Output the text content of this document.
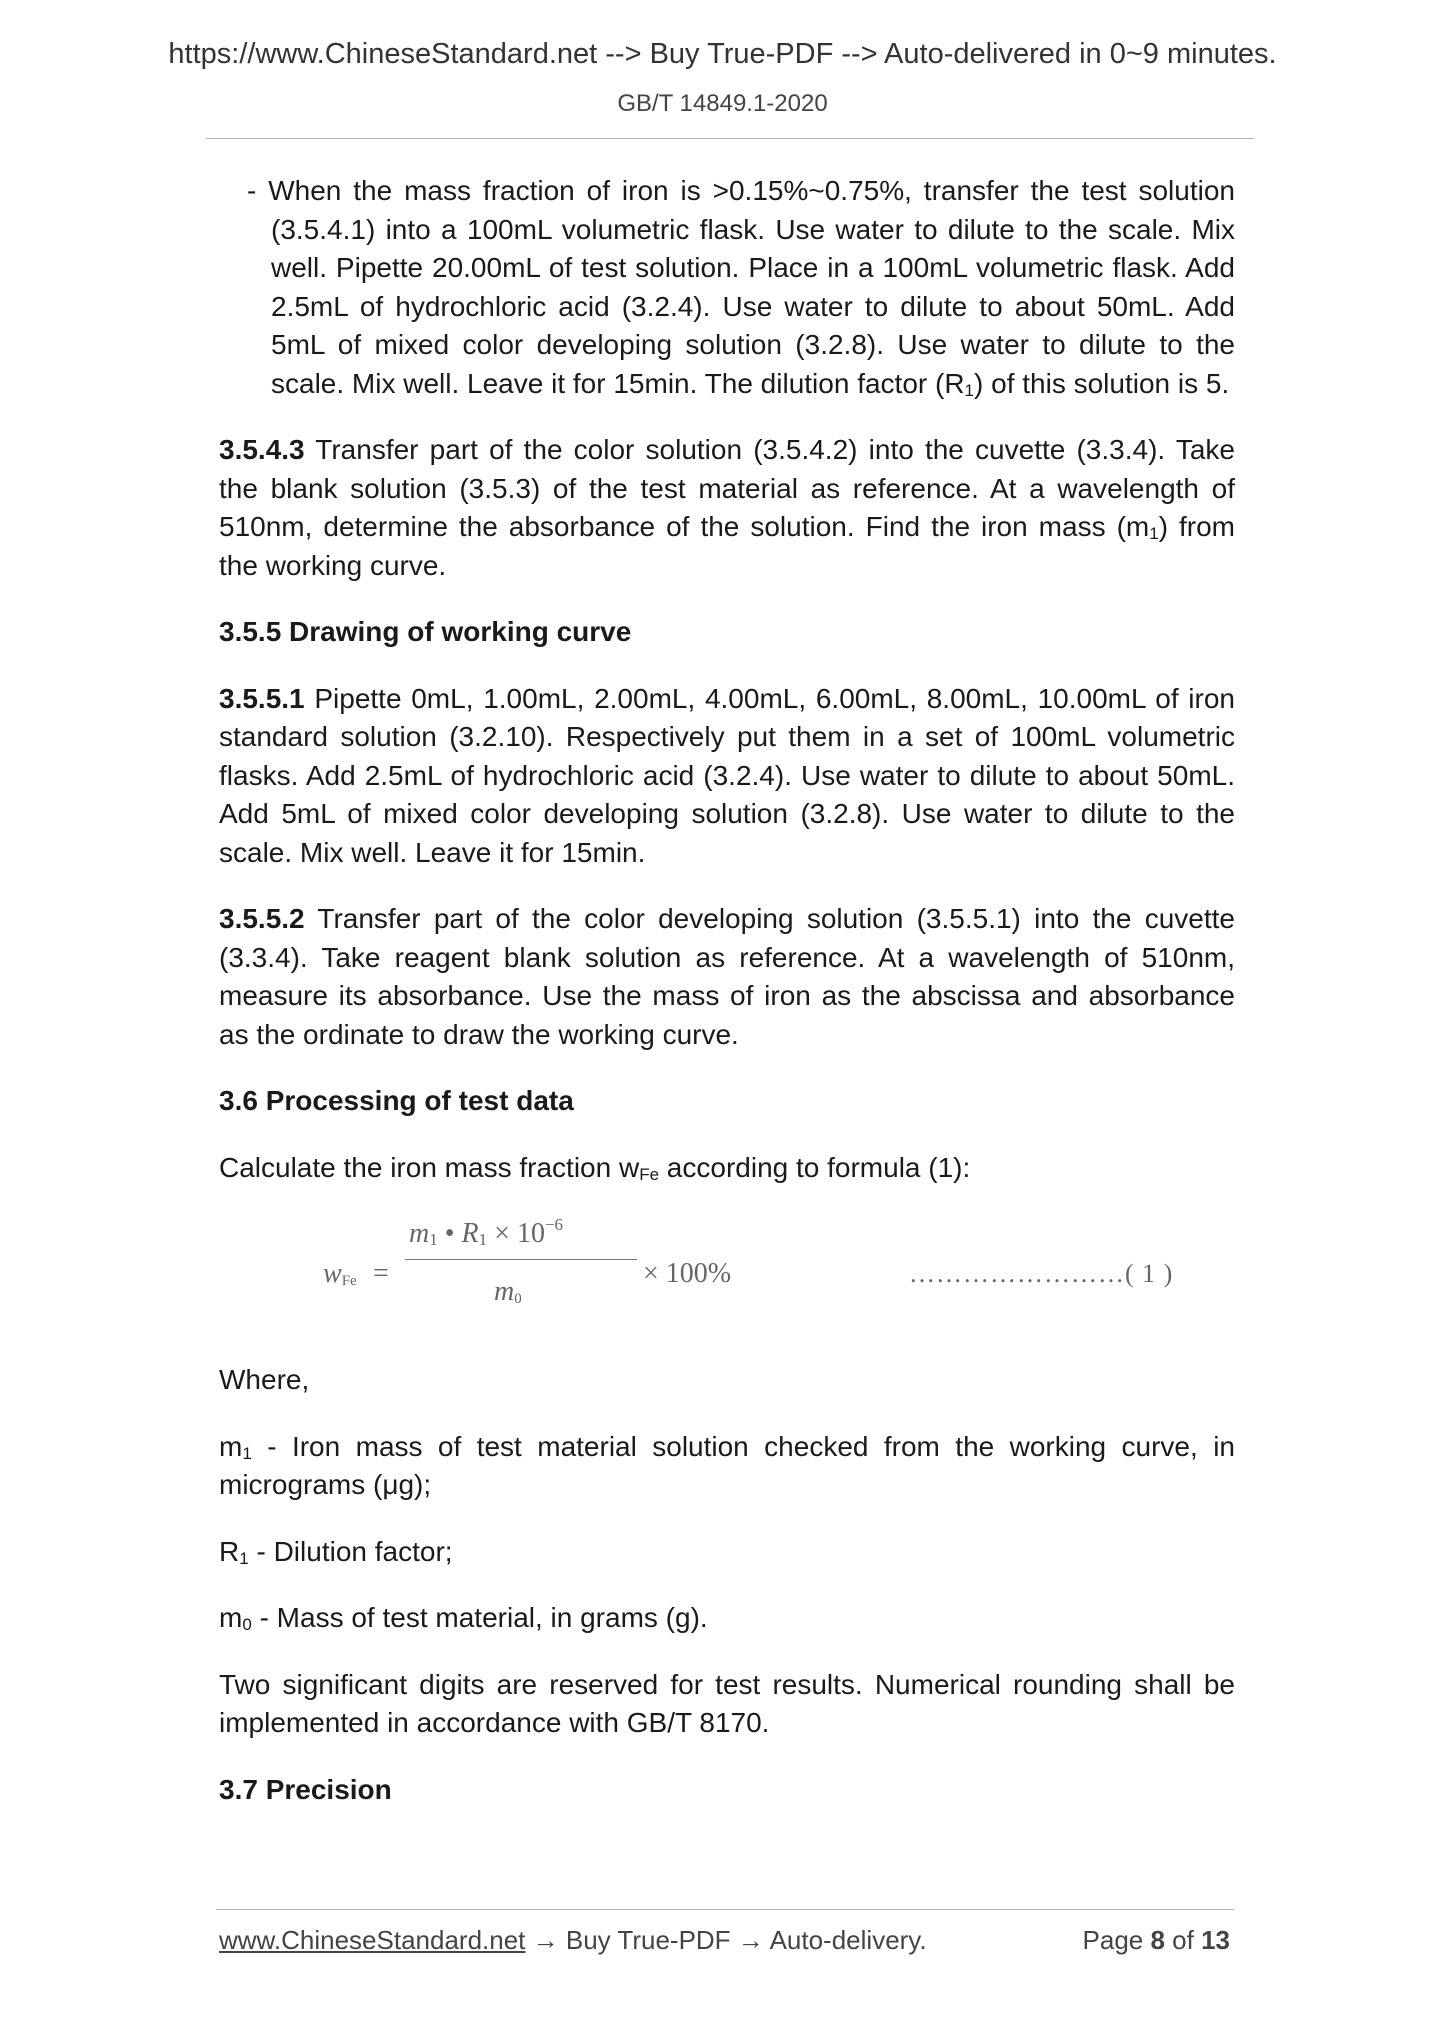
https://www.ChineseStandard.net --> Buy True-PDF --> Auto-delivered in 0~9 minutes.
GB/T 14849.1-2020

- When the mass fraction of iron is >0.15%~0.75%, transfer the test solution (3.5.4.1) into a 100mL volumetric flask. Use water to dilute to the scale. Mix well. Pipette 20.00mL of test solution. Place in a 100mL volumetric flask. Add 2.5mL of hydrochloric acid (3.2.4). Use water to dilute to about 50mL. Add 5mL of mixed color developing solution (3.2.8). Use water to dilute to the scale. Mix well. Leave it for 15min. The dilution factor $(R_1)$ of this solution is 5.

3.5.4.3 Transfer part of the color solution (3.5.4.2) into the cuvette (3.3.4). Take the blank solution (3.5.3) of the test material as reference. At a wavelength of 510nm, determine the absorbance of the solution. Find the iron mass $(m_1)$ from the working curve.

3.5.5 Drawing of working curve

3.5.5.1 Pipette 0mL, 1.00mL, 2.00mL, 4.00mL, 6.00mL, 8.00mL, 10.00mL of iron standard solution (3.2.10). Respectively put them in a set of 100mL volumetric flasks. Add 2.5mL of hydrochloric acid (3.2.4). Use water to dilute to about 50mL. Add 5mL of mixed color developing solution (3.2.8). Use water to dilute to the scale. Mix well. Leave it for 15min.

3.5.5.2 Transfer part of the color developing solution (3.5.5.1) into the cuvette (3.3.4). Take reagent blank solution as reference. At a wavelength of 510nm, measure its absorbance. Use the mass of iron as the abscissa and absorbance as the ordinate to draw the working curve.

3.6 Processing of test data

Calculate the iron mass fraction $w_{Fe}$ according to formula (1):

$w_{Fe}$ =
$m_1$ • $R_1 \times 10^{-6}$
$m_0$
× 100%	……………………( 1 )

Where,

$m_1$ - Iron mass of test material solution checked from the working curve, in micrograms (μg);

$R_1$ - Dilution factor;

$m_0$ - Mass of test material, in grams (g).

Two significant digits are reserved for test results. Numerical rounding shall be implemented in accordance with GB/T 8170.

3.7 Precision

www.ChineseStandard.net → Buy True-PDF → Auto-delivery.	Page 8 of 13
